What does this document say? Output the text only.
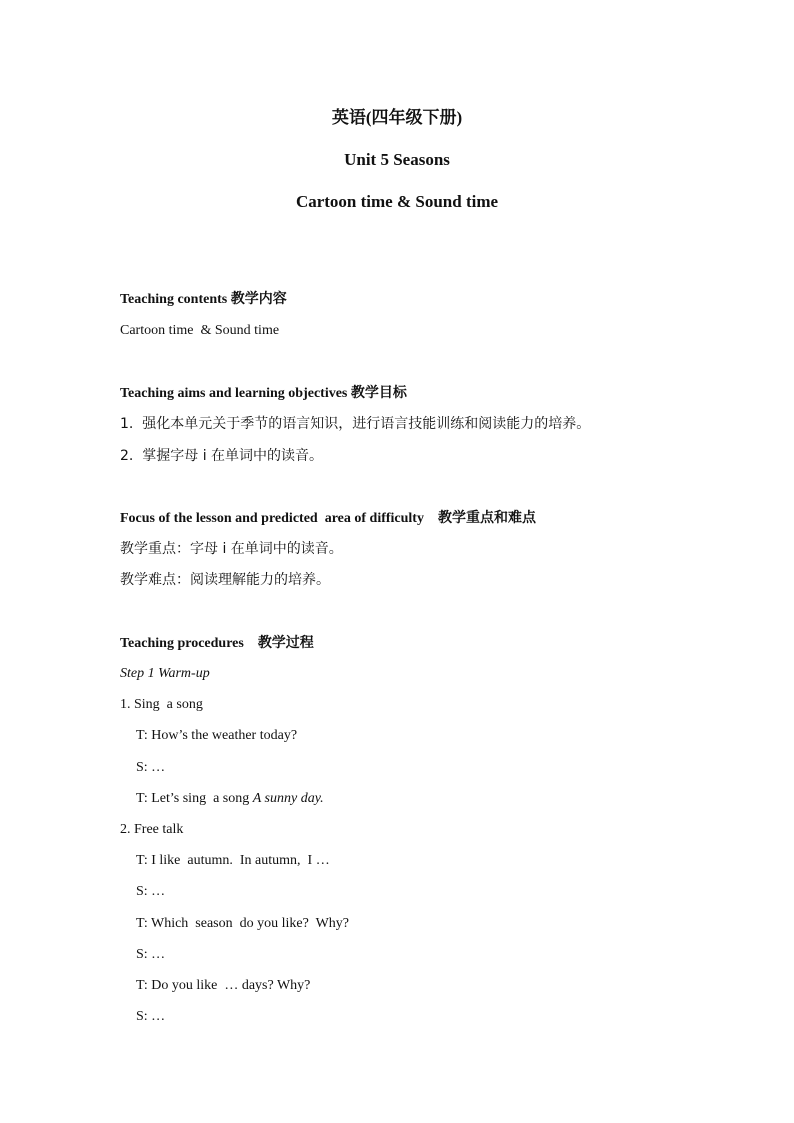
英语(四年级下册)
Unit 5 Seasons
Cartoon time & Sound time
Teaching contents 教学内容
Cartoon time  & Sound time
Teaching aims and learning objectives 教学目标
1.  强化本单元关于季节的语言知识，进行语言技能训练和阅读能力的培养。
2.  掌握字母 i 在单词中的读音。
Focus of the lesson and predicted  area of difficulty    教学重点和难点
教学重点：字母 i 在单词中的读音。
教学难点：阅读理解能力的培养。
Teaching procedures    教学过程
Step 1 Warm-up
1. Sing  a song
T: How’s the weather today?
S: …
T: Let’s sing  a song A sunny day.
2. Free talk
T: I like  autumn.  In autumn,  I …
S: …
T: Which  season  do you like?  Why?
S: …
T: Do you like  … days? Why?
S: …
